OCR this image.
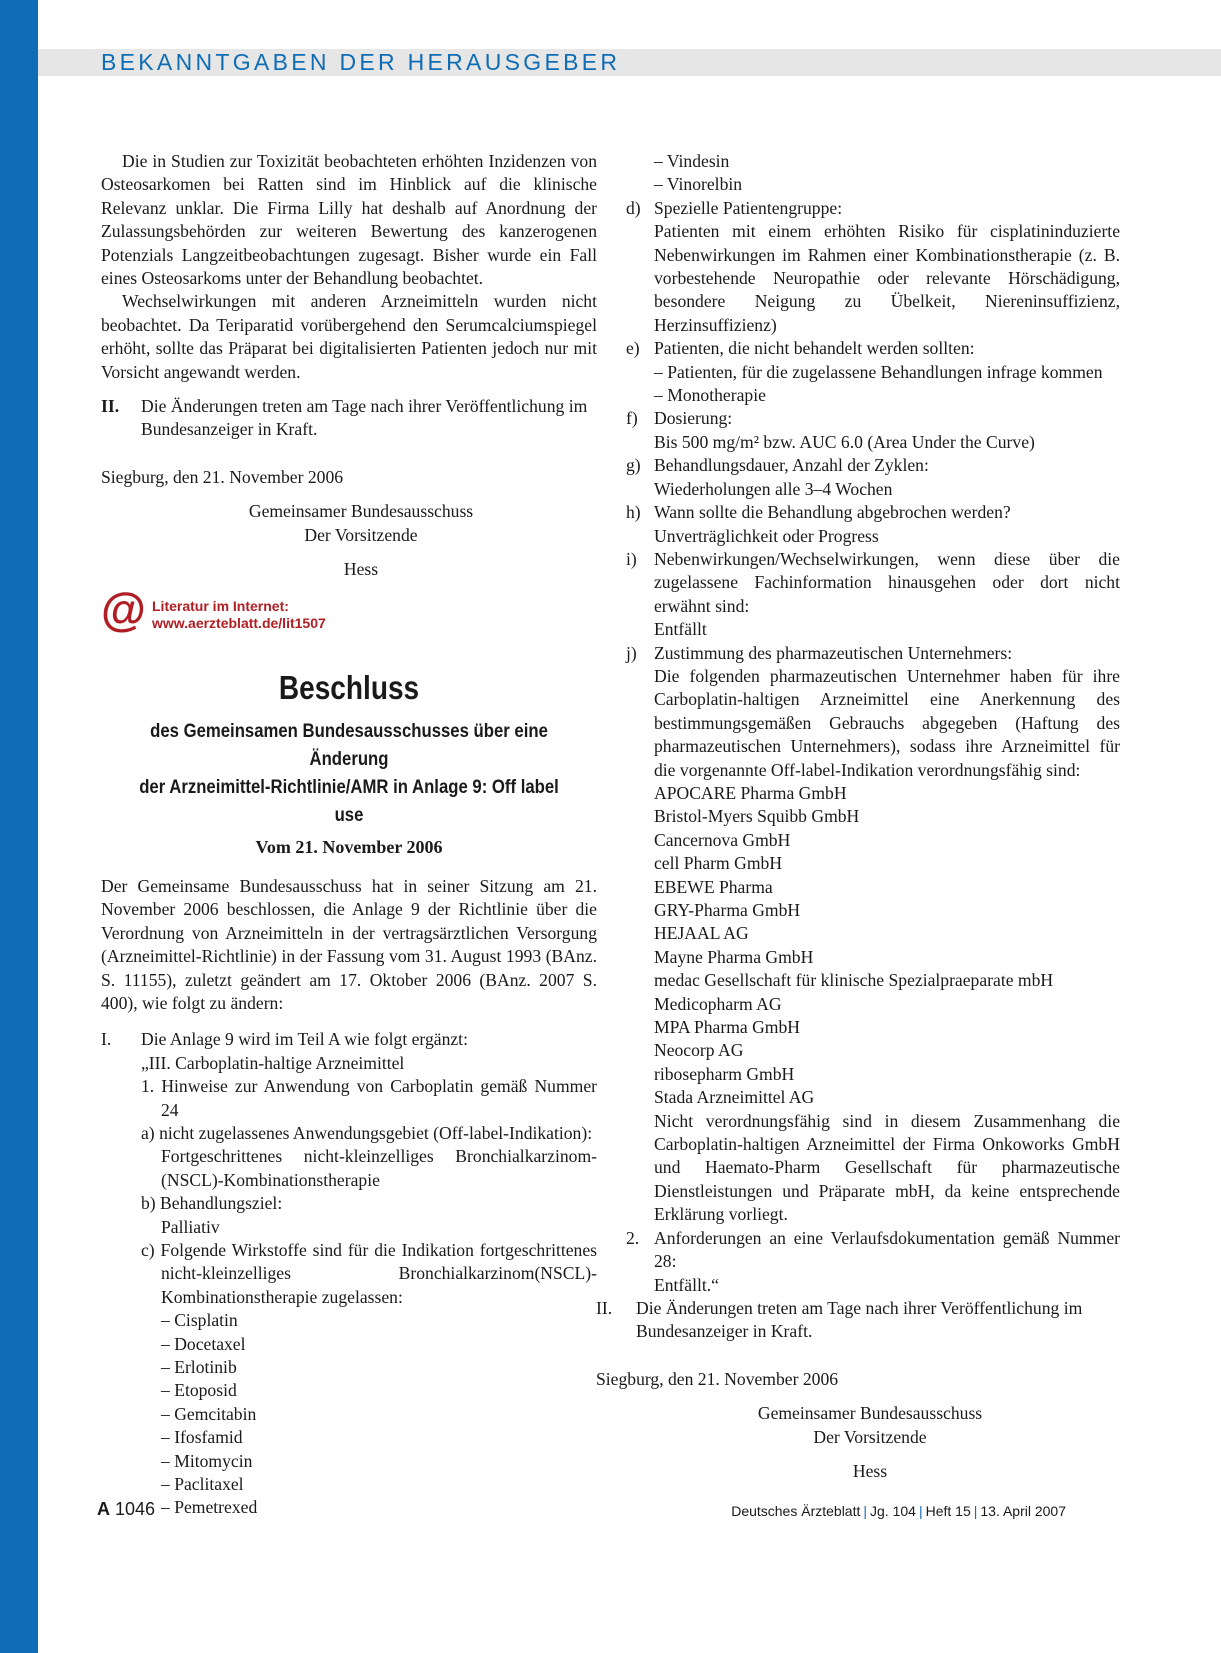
BEKANNTGABEN DER HERAUSGEBER

Die in Studien zur Toxizität beobachteten erhöhten Inzidenzen von Osteosarkomen bei Ratten sind im Hinblick auf die klinische Relevanz unklar. Die Firma Lilly hat deshalb auf Anordnung der Zulassungsbehörden zur weiteren Bewertung des kanzerogenen Potenzials Langzeitbeobachtungen zugesagt. Bisher wurde ein Fall eines Osteosarkoms unter der Behandlung beobachtet.

Wechselwirkungen mit anderen Arzneimitteln wurden nicht beobachtet. Da Teriparatid vorübergehend den Serumcalciumspiegel erhöht, sollte das Präparat bei digitalisierten Patienten jedoch nur mit Vorsicht angewandt werden.

II.	Die Änderungen treten am Tage nach ihrer Veröffentlichung im Bundesanzeiger in Kraft.
Siegburg, den 21. November 2006
Gemeinsamer Bundesausschuss
Der Vorsitzende
Hess
@ Literatur im Internet:
www.aerzteblatt.de/lit1507
Beschluss
des Gemeinsamen Bundesausschusses über eine Änderung
der Arzneimittel-Richtlinie/AMR in Anlage 9: Off label use
Vom 21. November 2006

Der Gemeinsame Bundesausschuss hat in seiner Sitzung am 21. November 2006 beschlossen, die Anlage 9 der Richtlinie über die Verordnung von Arzneimitteln in der vertragsärztlichen Versorgung (Arzneimittel-Richtlinie) in der Fassung vom 31. August 1993 (BAnz. S. 11155), zuletzt geändert am 17. Oktober 2006 (BAnz. 2007 S. 400), wie folgt zu ändern:

I.	Die Anlage 9 wird im Teil A wie folgt ergänzt:
„III. Carboplatin-haltige Arzneimittel

1. Hinweise zur Anwendung von Carboplatin gemäß Nummer 24

a) nicht zugelassenes Anwendungsgebiet (Off-label-Indikation):

Fortgeschrittenes nicht-kleinzelliges Bronchialkarzinom-(NSCL)-Kombinationstherapie

b) Behandlungsziel:

Palliativ

c) Folgende Wirkstoffe sind für die Indikation fortgeschrittenes nicht-kleinzelliges Bronchialkarzinom(NSCL)-Kombinationstherapie zugelassen:

– Cisplatin
– Docetaxel
– Erlotinib
– Etoposid
– Gemcitabin
– Ifosfamid
– Mitomycin
– Paclitaxel
– Pemetrexed
– Vindesin
– Vinorelbin
d) Spezielle Patientengruppe:

Patienten mit einem erhöhten Risiko für cisplatininduzierte Nebenwirkungen im Rahmen einer Kombinationstherapie (z. B. vorbestehende Neuropathie oder relevante Hörschädigung, besondere Neigung zu Übelkeit, Niereninsuffizienz, Herzinsuffizienz)

e) Patienten, die nicht behandelt werden sollten:

– Patienten, für die zugelassene Behandlungen infrage kommen

– Monotherapie
f) Dosierung:

Bis 500 mg/m² bzw. AUC 6.0 (Area Under the Curve)

g) Behandlungsdauer, Anzahl der Zyklen:

Wiederholungen alle 3–4 Wochen

h) Wann sollte die Behandlung abgebrochen werden?

Unverträglichkeit oder Progress

i) Nebenwirkungen/Wechselwirkungen, wenn diese über die zugelassene Fachinformation hinausgehen oder dort nicht erwähnt sind:

Entfällt

j) Zustimmung des pharmazeutischen Unternehmers:

Die folgenden pharmazeutischen Unternehmer haben für ihre Carboplatin-haltigen Arzneimittel eine Anerkennung des bestimmungsgemäßen Gebrauchs abgegeben (Haftung des pharmazeutischen Unternehmers), sodass ihre Arzneimittel für die vorgenannte Off-label-Indikation verordnungsfähig sind:

APOCARE Pharma GmbH
Bristol-Myers Squibb GmbH
Cancernova GmbH
cell Pharm GmbH
EBEWE Pharma
GRY-Pharma GmbH
HEJAAL AG
Mayne Pharma GmbH
medac Gesellschaft für klinische Spezialpraeparate mbH
Medicopharm AG
MPA Pharma GmbH
Neocorp AG
ribosepharm GmbH
Stada Arzneimittel AG

Nicht verordnungsfähig sind in diesem Zusammenhang die Carboplatin-haltigen Arzneimittel der Firma Onkoworks GmbH und Haemato-Pharm Gesellschaft für pharmazeutische Dienstleistungen und Präparate mbH, da keine entsprechende Erklärung vorliegt.

2. Anforderungen an eine Verlaufsdokumentation gemäß Nummer 28:

Entfällt.“

II.	Die Änderungen treten am Tage nach ihrer Veröffentlichung im Bundesanzeiger in Kraft.
Siegburg, den 21. November 2006
Gemeinsamer Bundesausschuss
Der Vorsitzende
Hess
A 1046	Deutsches Ärzteblatt | Jg. 104 | Heft 15 | 13. April 2007
